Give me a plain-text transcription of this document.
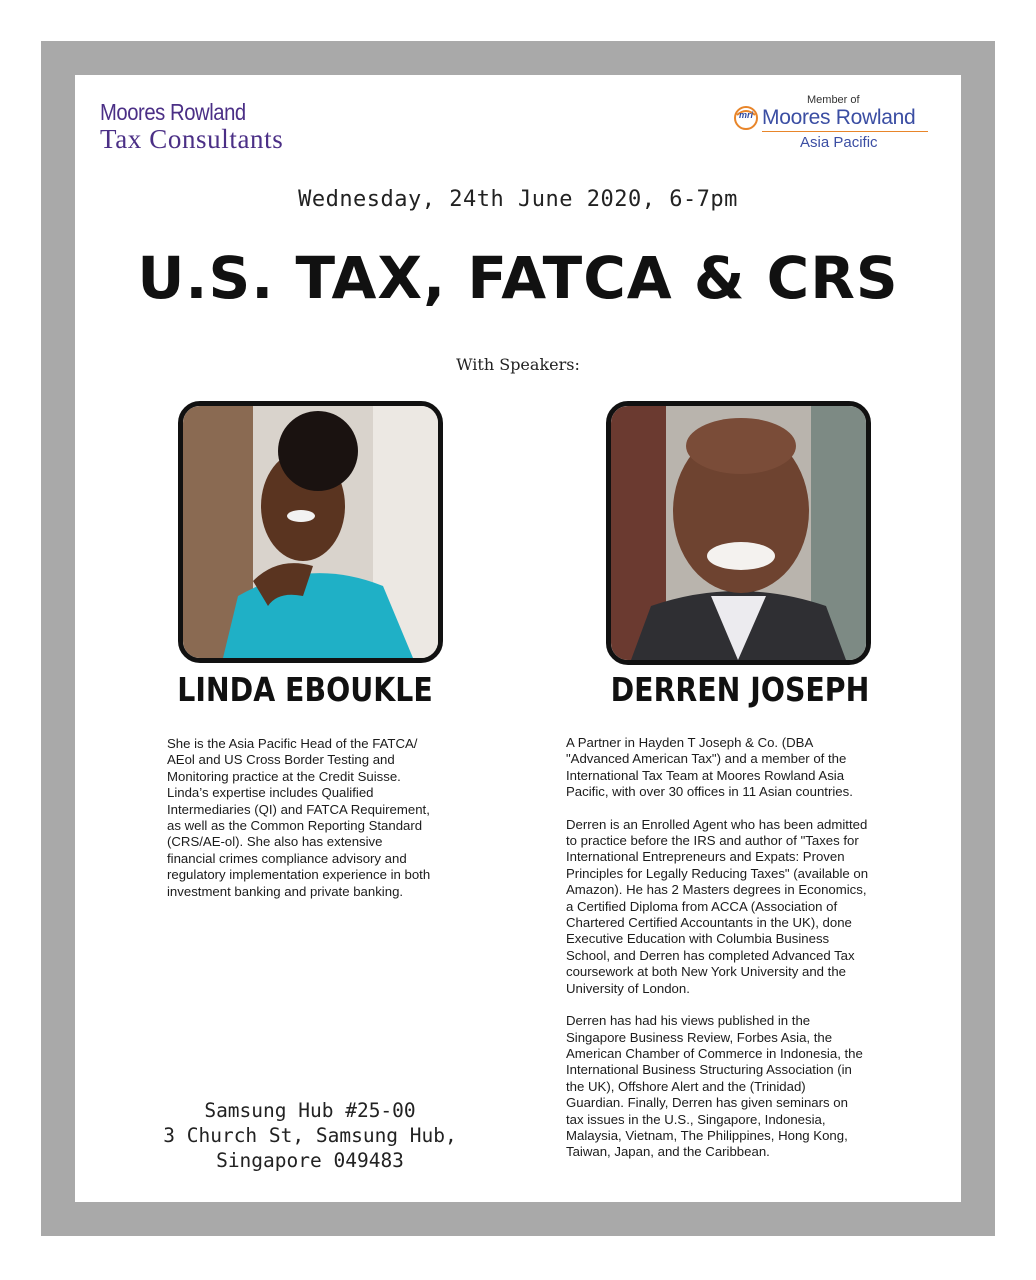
Moores Rowland
Tax Consultants
Member of
mri Moores Rowland
Asia Pacific
Wednesday, 24th June 2020, 6-7pm
U.S. TAX, FATCA & CRS
With Speakers:
LINDA EBOUKLE	DERREN JOSEPH
She is the Asia Pacific Head of the FATCA/
AEol and US Cross Border Testing and
Monitoring practice at the Credit Suisse.
Linda’s expertise includes Qualified
Intermediaries (QI) and FATCA Requirement,
as well as the Common Reporting Standard
(CRS/AE-ol). She also has extensive
financial crimes compliance advisory and
regulatory implementation experience in both
investment banking and private banking.

A Partner in Hayden T Joseph & Co. (DBA
"Advanced American Tax") and a member of the
International Tax Team at Moores Rowland Asia
Pacific, with over 30 offices in 11 Asian countries.

Derren is an Enrolled Agent who has been admitted
to practice before the IRS and author of "Taxes for
International Entrepreneurs and Expats: Proven
Principles for Legally Reducing Taxes" (available on
Amazon). He has 2 Masters degrees in Economics,
a Certified Diploma from ACCA (Association of
Chartered Certified Accountants in the UK), done
Executive Education with Columbia Business
School, and Derren has completed Advanced Tax
coursework at both New York University and the
University of London.

Derren has had his views published in the
Singapore Business Review, Forbes Asia, the
American Chamber of Commerce in Indonesia, the
International Business Structuring Association (in
the UK), Offshore Alert and the (Trinidad)
Guardian. Finally, Derren has given seminars on
tax issues in the U.S., Singapore, Indonesia,
Malaysia, Vietnam, The Philippines, Hong Kong,
Taiwan, Japan, and the Caribbean.

Samsung Hub #25-00
3 Church St, Samsung Hub,
Singapore 049483
